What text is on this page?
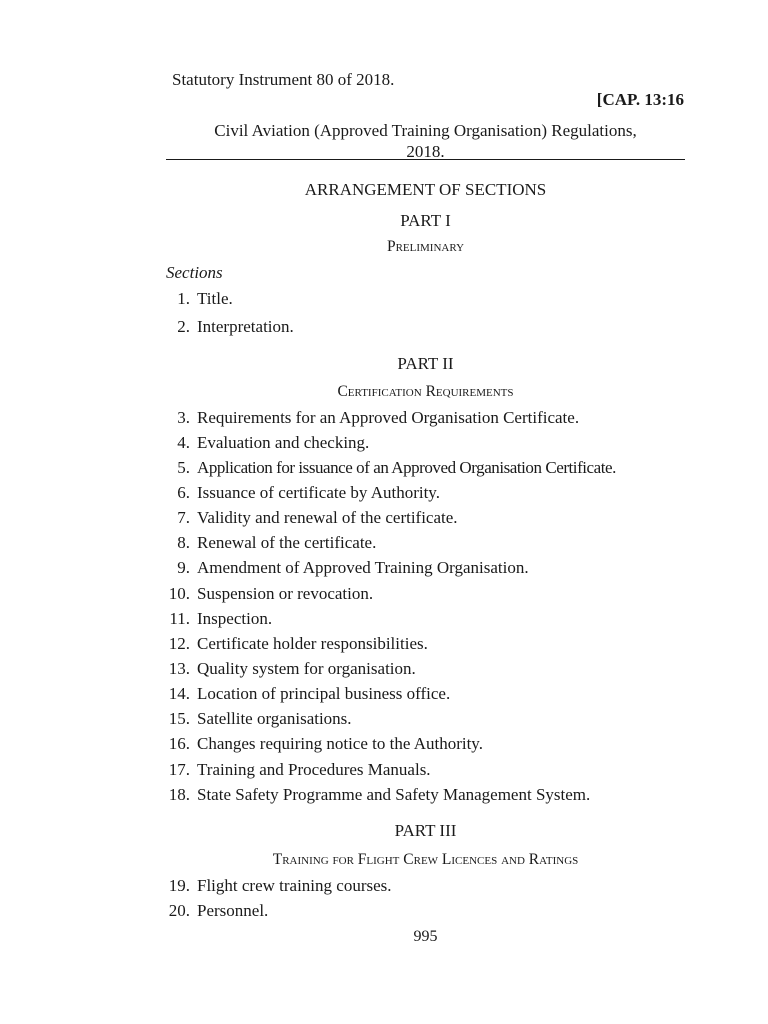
Statutory Instrument 80 of 2018.
[CAP. 13:16
Civil Aviation (Approved Training Organisation) Regulations,
2018.
ARRANGEMENT OF SECTIONS
PART I
Preliminary
Sections
1. Title.
2. Interpretation.
PART II
Certification Requirements
3. Requirements for an Approved Organisation Certificate.
4. Evaluation and checking.
5. Application for issuance of an Approved Organisation Certificate.
6. Issuance of certificate by Authority.
7. Validity and renewal of the certificate.
8. Renewal of the certificate.
9. Amendment of Approved Training Organisation.
10. Suspension or revocation.
11. Inspection.
12. Certificate holder responsibilities.
13. Quality system for organisation.
14. Location of principal business office.
15. Satellite organisations.
16. Changes requiring notice to the Authority.
17. Training and Procedures Manuals.
18. State Safety Programme and Safety Management System.
PART III
Training for Flight Crew Licences and Ratings
19. Flight crew training courses.
20. Personnel.
995
